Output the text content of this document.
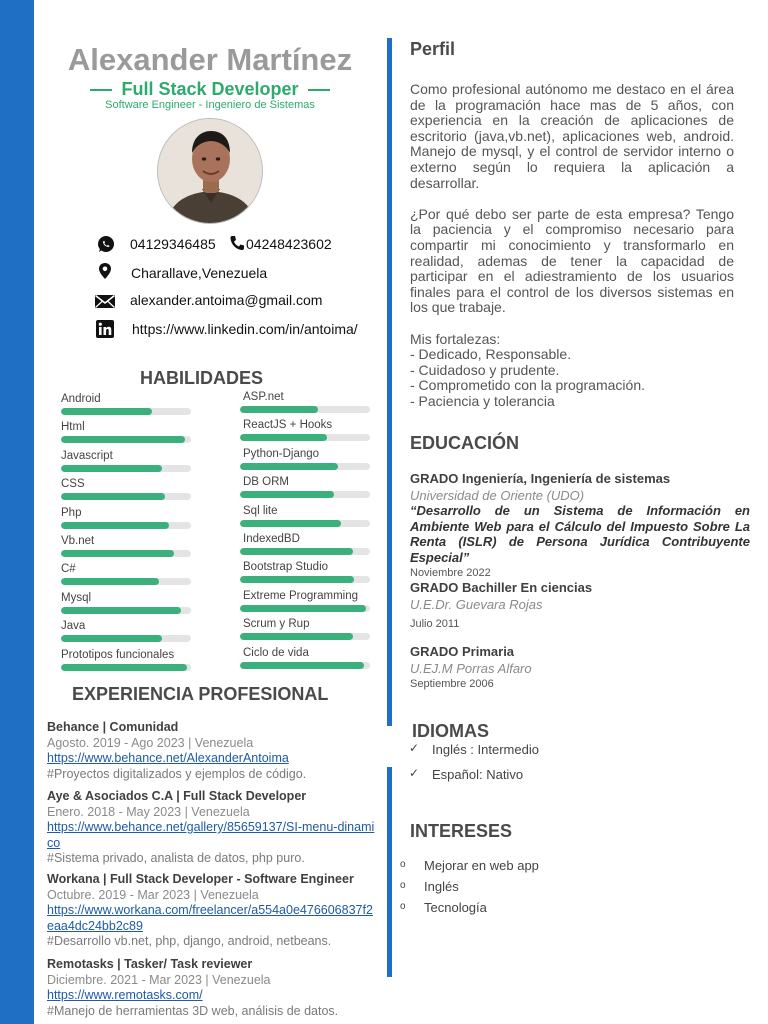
Alexander Martínez
Full Stack Developer
Software Engineer - Ingeniero de Sistemas
04129346485 04248423602
Charallave,Venezuela
alexander.antoima@gmail.com
https://www.linkedin.com/in/antoima/
HABILIDADES
Android
Html
Javascript
CSS
Php
Vb.net
C#
Mysql
Java
Prototipos funcionales
ASP.net
ReactJS + Hooks
Python-Django
DB ORM
Sql lite
IndexedBD
Bootstrap Studio
Extreme Programming
Scrum y Rup
Ciclo de vida
EXPERIENCIA PROFESIONAL
Behance | Comunidad
Agosto. 2019 - Ago 2023 | Venezuela
https://www.behance.net/AlexanderAntoima
#Proyectos digitalizados y ejemplos de código.
Aye & Asociados C.A | Full Stack Developer
Enero. 2018 - May 2023 | Venezuela
https://www.behance.net/gallery/85659137/SI-menu-dinamico
#Sistema privado, analista de datos, php puro.
Workana | Full Stack Developer - Software Engineer
Octubre. 2019 - Mar 2023 | Venezuela
https://www.workana.com/freelancer/a554a0e476606837f2eaa4dc24bb2c89
#Desarrollo vb.net, php, django, android, netbeans.
Remotasks | Tasker/ Task reviewer
Diciembre. 2021 - Mar 2023 | Venezuela
https://www.remotasks.com/
#Manejo de herramientas 3D web, análisis de datos.
Perfil

Como profesional autónomo me destaco en el área de la programación hace mas de 5 años, con experiencia en la creación de aplicaciones de escritorio (java,vb.net), aplicaciones web, android. Manejo de mysql, y el control de servidor interno o externo según lo requiera la aplicación a desarrollar.

¿Por qué debo ser parte de esta empresa? Tengo la paciencia y el compromiso necesario para compartir mi conocimiento y transformarlo en realidad, ademas de tener la capacidad de participar en el adiestramiento de los usuarios finales para el control de los diversos sistemas en los que trabaje.

Mis fortalezas:
- Dedicado, Responsable.
- Cuidadoso y prudente.
- Comprometido con la programación.
- Paciencia y tolerancia
EDUCACIÓN
GRADO Ingeniería, Ingeniería de sistemas
Universidad de Oriente (UDO)
“Desarrollo de un Sistema de Información en Ambiente Web para el Cálculo del Impuesto Sobre La Renta (ISLR) de Persona Jurídica Contribuyente Especial”
Noviembre 2022
GRADO Bachiller En ciencias
U.E.Dr. Guevara Rojas
Julio 2011
GRADO Primaria
U.EJ.M Porras Alfaro
Septiembre 2006
IDIOMAS
✓ Inglés : Intermedio
✓ Español: Nativo
INTERESES
o Mejorar en web app
o Inglés
o Tecnología
